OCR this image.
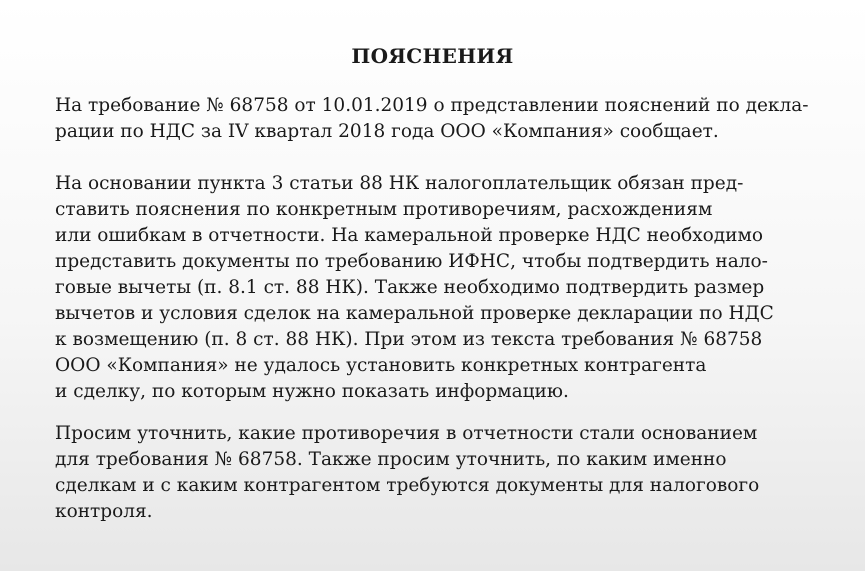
ПОЯСНЕНИЯ
На требование № 68758 от 10.01.2019 о представлении пояснений по декла-
рации по НДС за IV квартал 2018 года ООО «Компания» сообщает.
На основании пункта 3 статьи 88 НК налогоплательщик обязан пред-
ставить пояснения по конкретным противоречиям, расхождениям
или ошибкам в отчетности. На камеральной проверке НДС необходимо
представить документы по требованию ИФНС, чтобы подтвердить нало-
говые вычеты (п. 8.1 ст. 88 НК). Также необходимо подтвердить размер
вычетов и условия сделок на камеральной проверке декларации по НДС
к возмещению (п. 8 ст. 88 НК). При этом из текста требования № 68758
ООО «Компания» не удалось установить конкретных контрагента
и сделку, по которым нужно показать информацию.
Просим уточнить, какие противоречия в отчетности стали основанием
для требования № 68758. Также просим уточнить, по каким именно
сделкам и с каким контрагентом требуются документы для налогового
контроля.
